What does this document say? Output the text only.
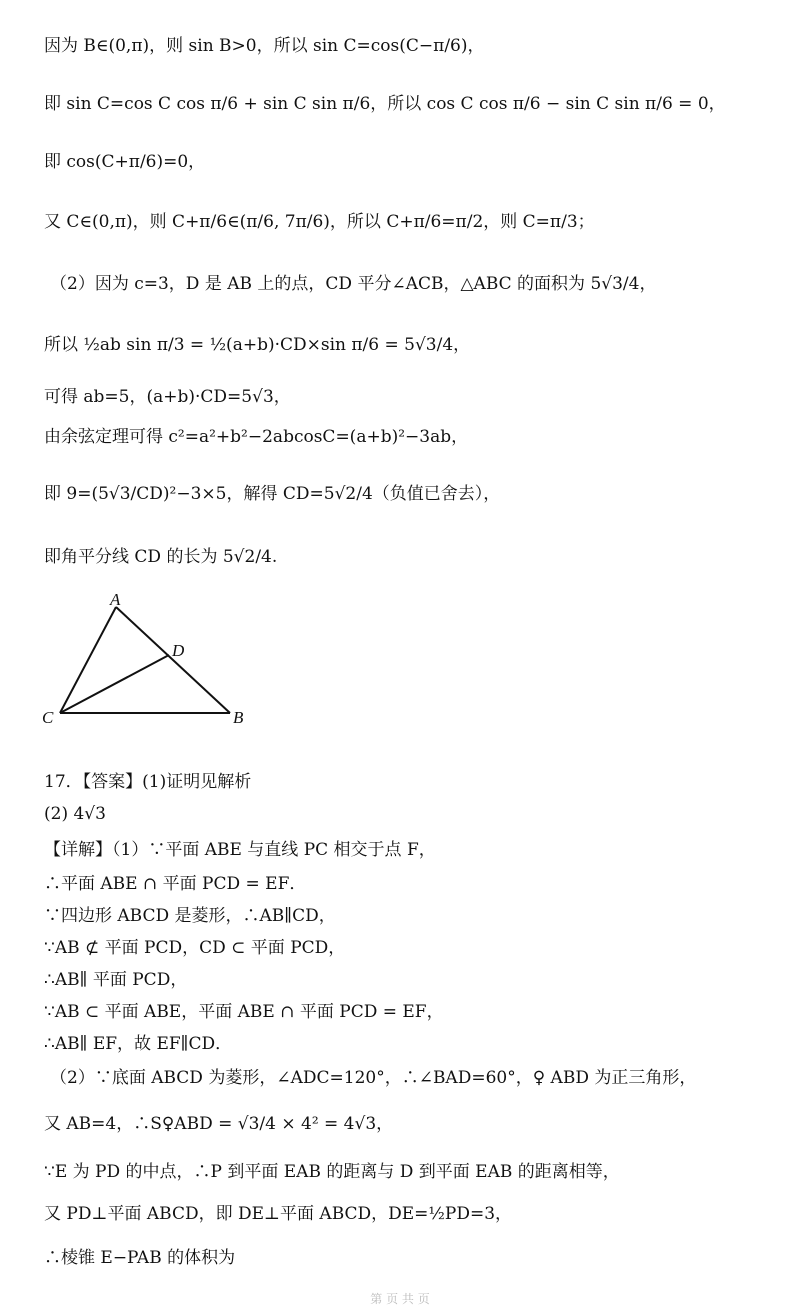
因为 B∈(0,π)，则 sin B>0，所以 sin C=cos(C−π/6)，
即 sin C=cos C cos π/6 + sin C sin π/6，所以 cos C cos π/6 − sin C sin π/6 = 0，
即 cos(C+π/6)=0，
又 C∈(0,π)，则 C+π/6∈(π/6, 7π/6)，所以 C+π/6=π/2，则 C=π/3；
（2）因为 c=3，D 是 AB 上的点，CD 平分∠ACB，△ABC 的面积为 5√3/4，
所以 ½ab sin π/3 = ½(a+b)·CD×sin π/6 = 5√3/4，
可得 ab=5，(a+b)·CD=5√3，
由余弦定理可得 c²=a²+b²−2abcosC=(a+b)²−3ab，
即 9=(5√3/CD)²−3×5，解得 CD=5√2/4（负值已舍去），
即角平分线 CD 的长为 5√2/4.
A
D
C	B
17．【答案】(1)证明见解析
(2) 4√3
【详解】（1）∵平面 ABE 与直线 PC 相交于点 F，
∴平面 ABE ∩ 平面 PCD = EF．
∵四边形 ABCD 是菱形，∴AB∥CD，
∵AB ⊄ 平面 PCD，CD ⊂ 平面 PCD，
∴AB∥ 平面 PCD，
∵AB ⊂ 平面 ABE，平面 ABE ∩ 平面 PCD = EF，
∴AB∥ EF，故 EF∥CD．
（2）∵底面 ABCD 为菱形，∠ADC=120°，∴∠BAD=60°，♀ ABD 为正三角形，
又 AB=4，∴S♀ABD = √3/4 × 4² = 4√3，
∵E 为 PD 的中点，∴P 到平面 EAB 的距离与 D 到平面 EAB 的距离相等，
又 PD⊥平面 ABCD，即 DE⊥平面 ABCD，DE=½PD=3，
∴棱锥 E−PAB 的体积为
第 页 共 页
